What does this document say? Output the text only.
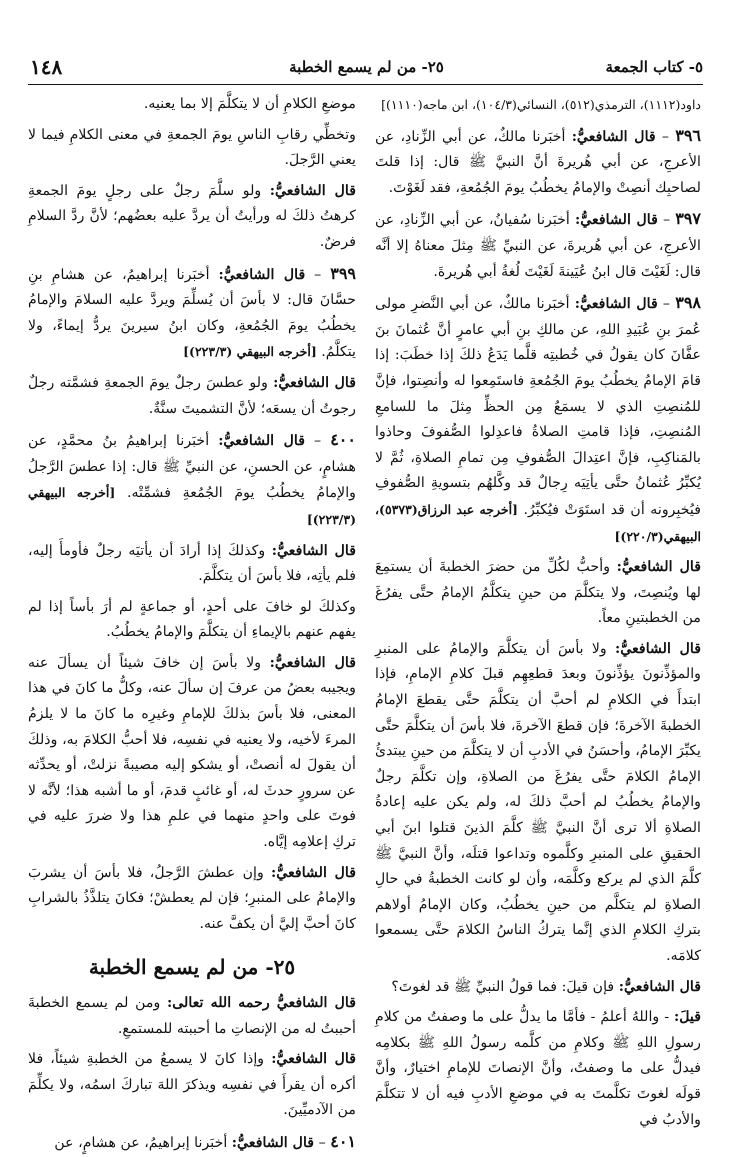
٥- كتاب الجمعة
٢٥- من لم يسمع الخطبة
١٤٨

داود(١١١٢)، الترمذي(٥١٢)، النسائي(١٠٤/٣)، ابن ماجه(١١١٠)]

٣٩٦ – قال الشافعيُّ: أخبَرنا مالكٌ، عن أبي الزِّنادِ، عن الأعرجِ، عن أبي هُريرةَ أنَّ النبيَّ ﷺ قال: إذا قلتَ لصاحبِك أنصِتْ والإمامُ يخطُبُ يومَ الجُمُعةِ، فقد لَغَوْتَ.

٣٩٧ – قال الشافعيُّ: أخبَرنا سُفيانُ، عن أبي الزِّنادِ، عن الأعرجِ، عن أبي هُريرةَ، عن النبيِّ ﷺ مِثلَ معناهُ إلا أنَّه قال: لَغَيْتَ قال ابنُ عُيَينةَ لَغَيْتَ لُغةُ أبي هُريرةَ.

٣٩٨ – قال الشافعيُّ: أخبَرنا مالكٌ، عن أبي النَّضرِ مولى عُمرَ بنِ عُبَيدِ اللهِ، عن مالكِ بنِ أبي عامرٍ أنَّ عُثمانَ بنَ عفَّانَ كان يقولُ في خُطبتِه قلَّما يَدَعُ ذلكَ إذا خطَبَ: إذا قامَ الإمامُ يخطُبُ يومَ الجُمُعةِ فاستَمِعوا له وأنصِتوا، فإنَّ للمُنصِتِ الذي لا يسمَعُ مِن الحظِّ مِثلَ ما للسامعِ المُنصِتِ، فإذا قامتِ الصلاةُ فاعدِلوا الصُّفوفَ وحاذوا بالمَناكِبِ، فإنَّ اعتِدالَ الصُّفوفِ مِن تمامِ الصلاةِ، ثُمَّ لا يُكبِّرُ عُثمانُ حتَّى يأتِيَه رِجالٌ قد وكَّلهُم بتسويةِ الصُّفوفِ فيُخبِرونه أن قد استَوَتْ فيُكبِّرُ. [أخرجه عبد الرزاق(٥٣٧٣)، البيهقي(٢٢٠/٣)]

قال الشافعيُّ: وأحبُّ لكُلِّ من حضرَ الخطبةَ أن يستمِعَ لها ويُنصِتَ، ولا يتكلَّمَ من حينِ يتكلَّمُ الإمامُ حتَّى يفرُغَ من الخطبتينِ معاً.

قال الشافعيُّ: ولا بأسَ أن يتكلَّمَ والإمامُ على المنبرِ والمؤذِّنونَ يؤذِّنونَ وبعدَ قطعِهِم قبلَ كلامِ الإمامِ، فإذا ابتدأَ في الكلامِ لم أحبَّ أن يتكلَّمَ حتَّى يقطعَ الإمامُ الخطبةَ الآخرةَ؛ فإن قطعَ الآخرةَ، فلا بأسَ أن يتكلَّمَ حتَّى يكبِّرَ الإمامُ، وأحسَنُ في الأدبِ أن لا يتكلَّمَ من حينِ يبتدئُ الإمامُ الكلامَ حتَّى يفرُغَ من الصلاةِ، وإن تكلَّمَ رجلٌ والإمامُ يخطُبُ لم أحبَّ ذلكَ له، ولم يكن عليه إعادةُ الصلاةِ ألا ترى أنَّ النبيَّ ﷺ كلَّمَ الذينَ قتلوا ابنَ أبي الحقيقِ على المنبرِ وكلَّموه وتداعوا قتلَه، وأنَّ النبيَّ ﷺ كلَّمَ الذي لم يركع وكلَّمَه، وأن لو كانت الخطبةُ في حالِ الصلاةِ لم يتكلَّم من حينِ يخطُبُ، وكان الإمامُ أولاهم بتركِ الكلامِ الذي إنَّما يتركُ الناسُ الكلامَ حتَّى يسمعوا كلامَه.

قال الشافعيُّ: فإن قيلَ: فما قولُ النبيِّ ﷺ قد لغوتَ؟

قيلَ: - واللهُ أعلمُ - فأمَّا ما يدلُّ على ما وصفتُ من كلامِ رسولِ اللهِ ﷺ وكلامِ من كلَّمه رسولُ اللهِ ﷺ بكلامِه فيدلُّ على ما وصفتُ، وأنَّ الإنصاتَ للإمامِ اختيارٌ، وأنَّ قولَه لغوتَ تكلَّمتَ به في موضعِ الأدبِ فيه أن لا تتكلَّمَ والأدبُ في

موضعِ الكلامِ أن لا يتكلَّمَ إلا بما يعنيه.

وتخطِّي رقابِ الناسِ يومَ الجمعةِ في معنى الكلامِ فيما لا يعني الرَّجلَ.

قال الشافعيُّ: ولو سلَّمَ رجلٌ على رجلٍ يومَ الجمعةِ كرهتُ ذلكَ له ورأيتُ أن يردَّ عليه بعضُهم؛ لأنَّ ردَّ السلامِ فرضٌ.

٣٩٩ – قال الشافعيُّ: أخبَرنا إبراهيمُ، عن هشامِ بنِ حسَّانَ قال: لا بأسَ أن يُسلِّمَ ويردَّ عليه السلامَ والإمامُ يخطُبُ يومَ الجُمُعةِ، وكان ابنُ سيرينَ يردُّ إيماءً، ولا يتكلَّمُ. [أخرجه البيهقي (٢٢٣/٣)]

قال الشافعيُّ: ولو عطسَ رجلٌ يومَ الجمعةِ فشمَّته رجلٌ رجوتُ أن يسعَه؛ لأنَّ التشميتَ سنَّةٌ.

٤٠٠ – قال الشافعيُّ: أخبَرنا إبراهيمُ بنُ محمَّدٍ، عن هشامٍ، عن الحسنِ، عن النبيِّ ﷺ قال: إذا عطسَ الرَّجلُ والإمامُ يخطُبُ يومَ الجُمُعةِ فشمِّتْه. [أخرجه البيهقي (٢٢٣/٣)]

قال الشافعيُّ: وكذلكَ إذا أرادَ أن يأتيَه رجلٌ فأومأَ إليه، فلم يأتِه، فلا بأسَ أن يتكلَّمَ.

وكذلكَ لو خافَ على أحدٍ، أو جماعةٍ لم أرَ بأساً إذا لم يفهم عنهم بالإيماءِ أن يتكلَّمَ والإمامُ يخطُبُ.

قال الشافعيُّ: ولا بأسَ إن خافَ شيئاً أن يسألَ عنه ويجيبه بعضُ من عرفَ إن سألَ عنه، وكلُّ ما كانَ في هذا المعنى، فلا بأسَ بذلكَ للإمامِ وغيرِه ما كانَ ما لا يلزمُ المرءَ لأخيه، ولا يعنيه في نفسِه، فلا أحبُّ الكلامَ به، وذلكَ أن يقولَ له أنصتْ، أو يشكو إليه مصيبةً نزلتْ، أو يحدِّثه عن سرورٍ حدثَ له، أو غائبٍ قدمَ، أو ما أشبه هذا؛ لأنَّه لا فوتَ على واحدٍ منهما في علمِ هذا ولا ضررَ عليه في تركِ إعلامِه إيَّاه.

قال الشافعيُّ: وإن عطشَ الرَّجلُ، فلا بأسَ أن يشربَ والإمامُ على المنبرِ؛ فإن لم يعطشْ؛ فكانَ يتلذَّذُ بالشرابِ كانَ أحبَّ إليَّ أن يكفَّ عنه.

٢٥- من لم يسمع الخطبة

قال الشافعيُّ رحمه الله تعالى: ومن لم يسمع الخطبةَ أحببتُ له من الإنصاتِ ما أحببته للمستمعِ.

قال الشافعيُّ: وإذا كانَ لا يسمعُ من الخطبةِ شيئاً، فلا أكره أن يقرأَ في نفسِه ويذكرَ اللهَ تباركَ اسمُه، ولا يكلِّمَ من الآدميِّينَ.

٤٠١ – قال الشافعيُّ: أخبَرنا إبراهيمُ، عن هشامٍ، عن
